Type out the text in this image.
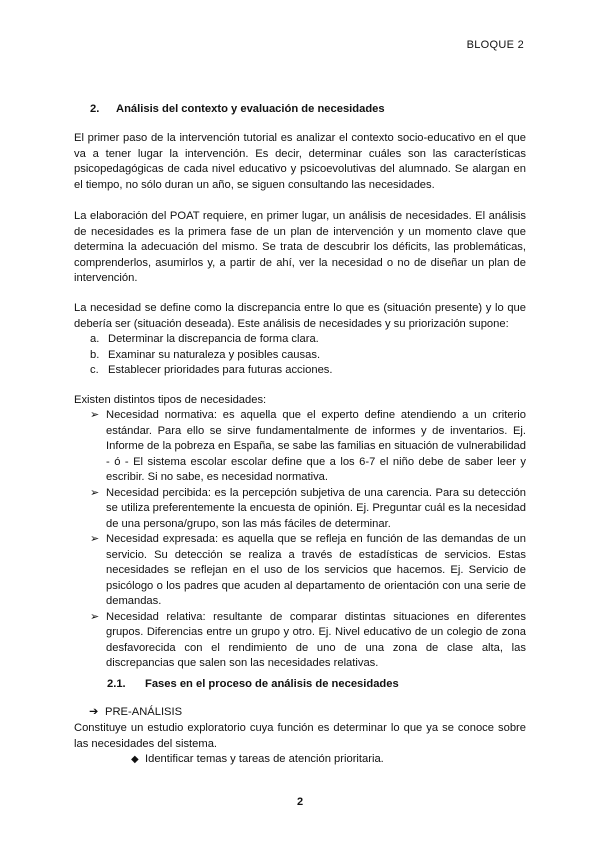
BLOQUE 2
2. Análisis del contexto y evaluación de necesidades

El primer paso de la intervención tutorial es analizar el contexto socio-educativo en el que va a tener lugar la intervención. Es decir, determinar cuáles son las características psicopedagógicas de cada nivel educativo y psicoevolutivas del alumnado. Se alargan en el tiempo, no sólo duran un año, se siguen consultando las necesidades.

La elaboración del POAT requiere, en primer lugar, un análisis de necesidades. El análisis de necesidades es la primera fase de un plan de intervención y un momento clave que determina la adecuación del mismo. Se trata de descubrir los déficits, las problemáticas, comprenderlos, asumirlos y, a partir de ahí, ver la necesidad o no de diseñar un plan de intervención.

La necesidad se define como la discrepancia entre lo que es (situación presente) y lo que debería ser (situación deseada). Este análisis de necesidades y su priorización supone:

a. Determinar la discrepancia de forma clara.
b. Examinar su naturaleza y posibles causas.
c. Establecer prioridades para futuras acciones.

Existen distintos tipos de necesidades:

➢ Necesidad normativa: es aquella que el experto define atendiendo a un criterio estándar. Para ello se sirve fundamentalmente de informes y de inventarios. Ej. Informe de la pobreza en España, se sabe las familias en situación de vulnerabilidad - ó - El sistema escolar escolar define que a los 6-7 el niño debe de saber leer y escribir. Si no sabe, es necesidad normativa.
➢ Necesidad percibida: es la percepción subjetiva de una carencia. Para su detección se utiliza preferentemente la encuesta de opinión. Ej. Preguntar cuál es la necesidad de una persona/grupo, son las más fáciles de determinar.
➢ Necesidad expresada: es aquella que se refleja en función de las demandas de un servicio. Su detección se realiza a través de estadísticas de servicios. Estas necesidades se reflejan en el uso de los servicios que hacemos. Ej. Servicio de psicólogo o los padres que acuden al departamento de orientación con una serie de demandas.
➢ Necesidad relativa: resultante de comparar distintas situaciones en diferentes grupos. Diferencias entre un grupo y otro. Ej. Nivel educativo de un colegio de zona desfavorecida con el rendimiento de uno de una zona de clase alta, las discrepancias que salen son las necesidades relativas.
2.1. Fases en el proceso de análisis de necesidades
➔ PRE-ANÁLISIS

Constituye un estudio exploratorio cuya función es determinar lo que ya se conoce sobre las necesidades del sistema.

◆ Identificar temas y tareas de atención prioritaria.
2
